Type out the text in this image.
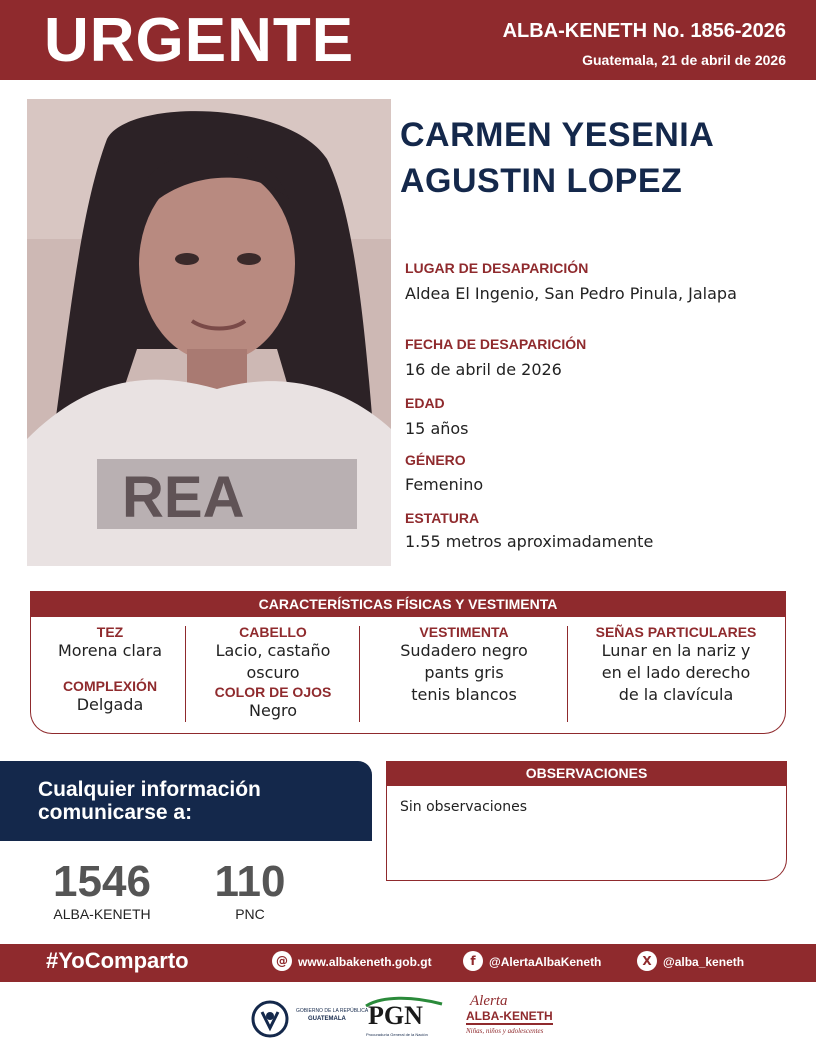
URGENTE	ALBA-KENETH No. 1856-2026
Guatemala, 21 de abril de 2026
REA
CARMEN YESENIA
AGUSTIN LOPEZ
LUGAR DE DESAPARICIÓN
Aldea El Ingenio, San Pedro Pinula, Jalapa
FECHA DE DESAPARICIÓN
16 de abril de 2026
EDAD
15 años
GÉNERO
Femenino
ESTATURA
1.55 metros aproximadamente
CARACTERÍSTICAS FÍSICAS Y VESTIMENTA
TEZ
Morena clara
COMPLEXIÓN
Delgada
CABELLO
Lacio, castaño
oscuro
COLOR DE OJOS
Negro
VESTIMENTA
Sudadero negro
pants gris
tenis blancos
SEÑAS PARTICULARES
Lunar en la nariz y
en el lado derecho
de la clavícula
Cualquier información
comunicarse a:
1546
ALBA-KENETH
110
PNC
OBSERVACIONES
Sin observaciones
#YoComparto	@ www.albakeneth.gob.gt	f	@AlertaAlbaKeneth	X @alba_keneth
GOBIERNO DE LA REPÚBLICA
GUATEMALA PGN
Procuraduría General de la Nación
Alerta
ALBA-KENETH
Niñas, niños y adolescentes
